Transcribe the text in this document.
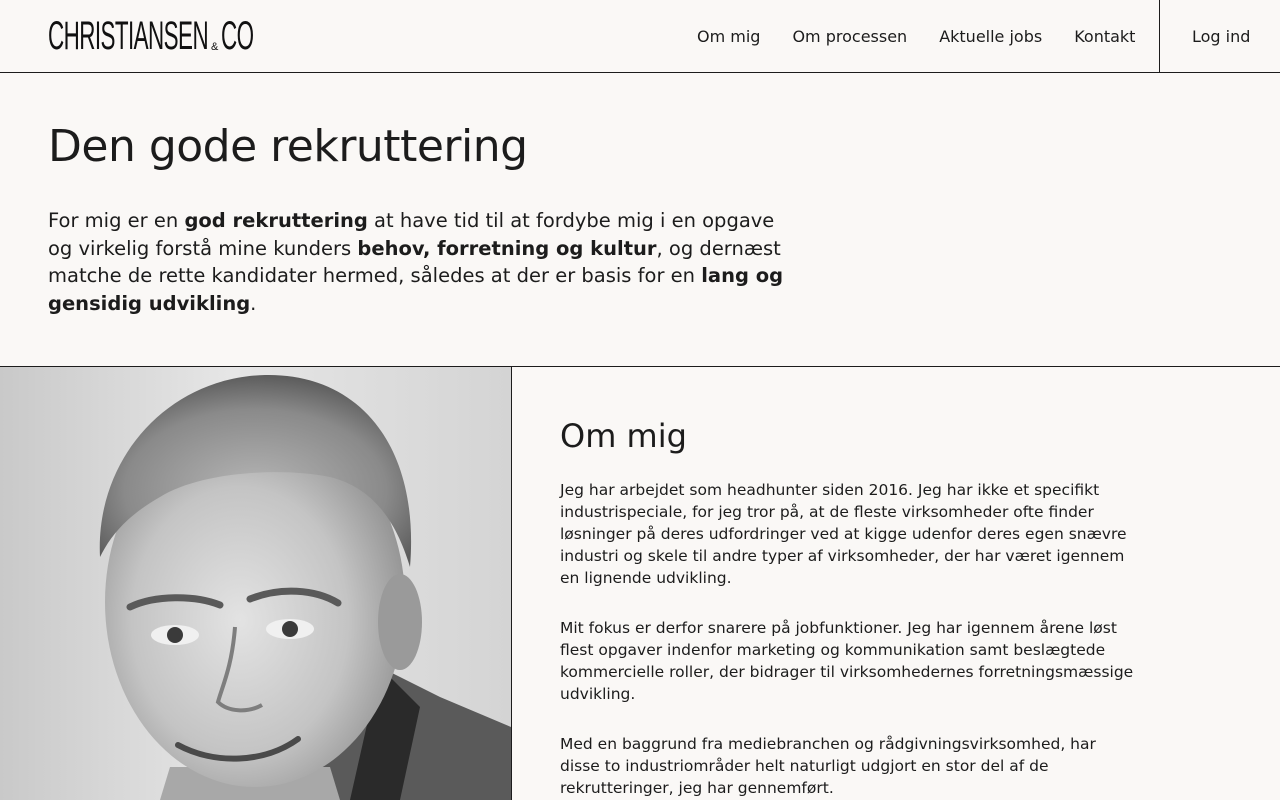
CHRISTIANSEN & CO	Om mig Om processen Aktuelle jobs Kontakt	Log ind
Den gode rekruttering

For mig er en god rekruttering at have tid til at fordybe mig i en opgave og virkelig forstå mine kunders behov, forretning og kultur, og dernæst matche de rette kandidater hermed, således at der er basis for en lang og gensidig udvikling.

Om mig

Jeg har arbejdet som headhunter siden 2016. Jeg har ikke et specifikt industrispeciale, for jeg tror på, at de fleste virksomheder ofte finder løsninger på deres udfordringer ved at kigge udenfor deres egen snævre industri og skele til andre typer af virksomheder, der har været igennem en lignende udvikling.

Mit fokus er derfor snarere på jobfunktioner. Jeg har igennem årene løst flest opgaver indenfor marketing og kommunikation samt beslægtede kommercielle roller, der bidrager til virksomhedernes forretningsmæssige udvikling.

Med en baggrund fra mediebranchen og rådgivningsvirksomhed, har disse to industriområder helt naturligt udgjort en stor del af de rekrutteringer, jeg har gennemført.
